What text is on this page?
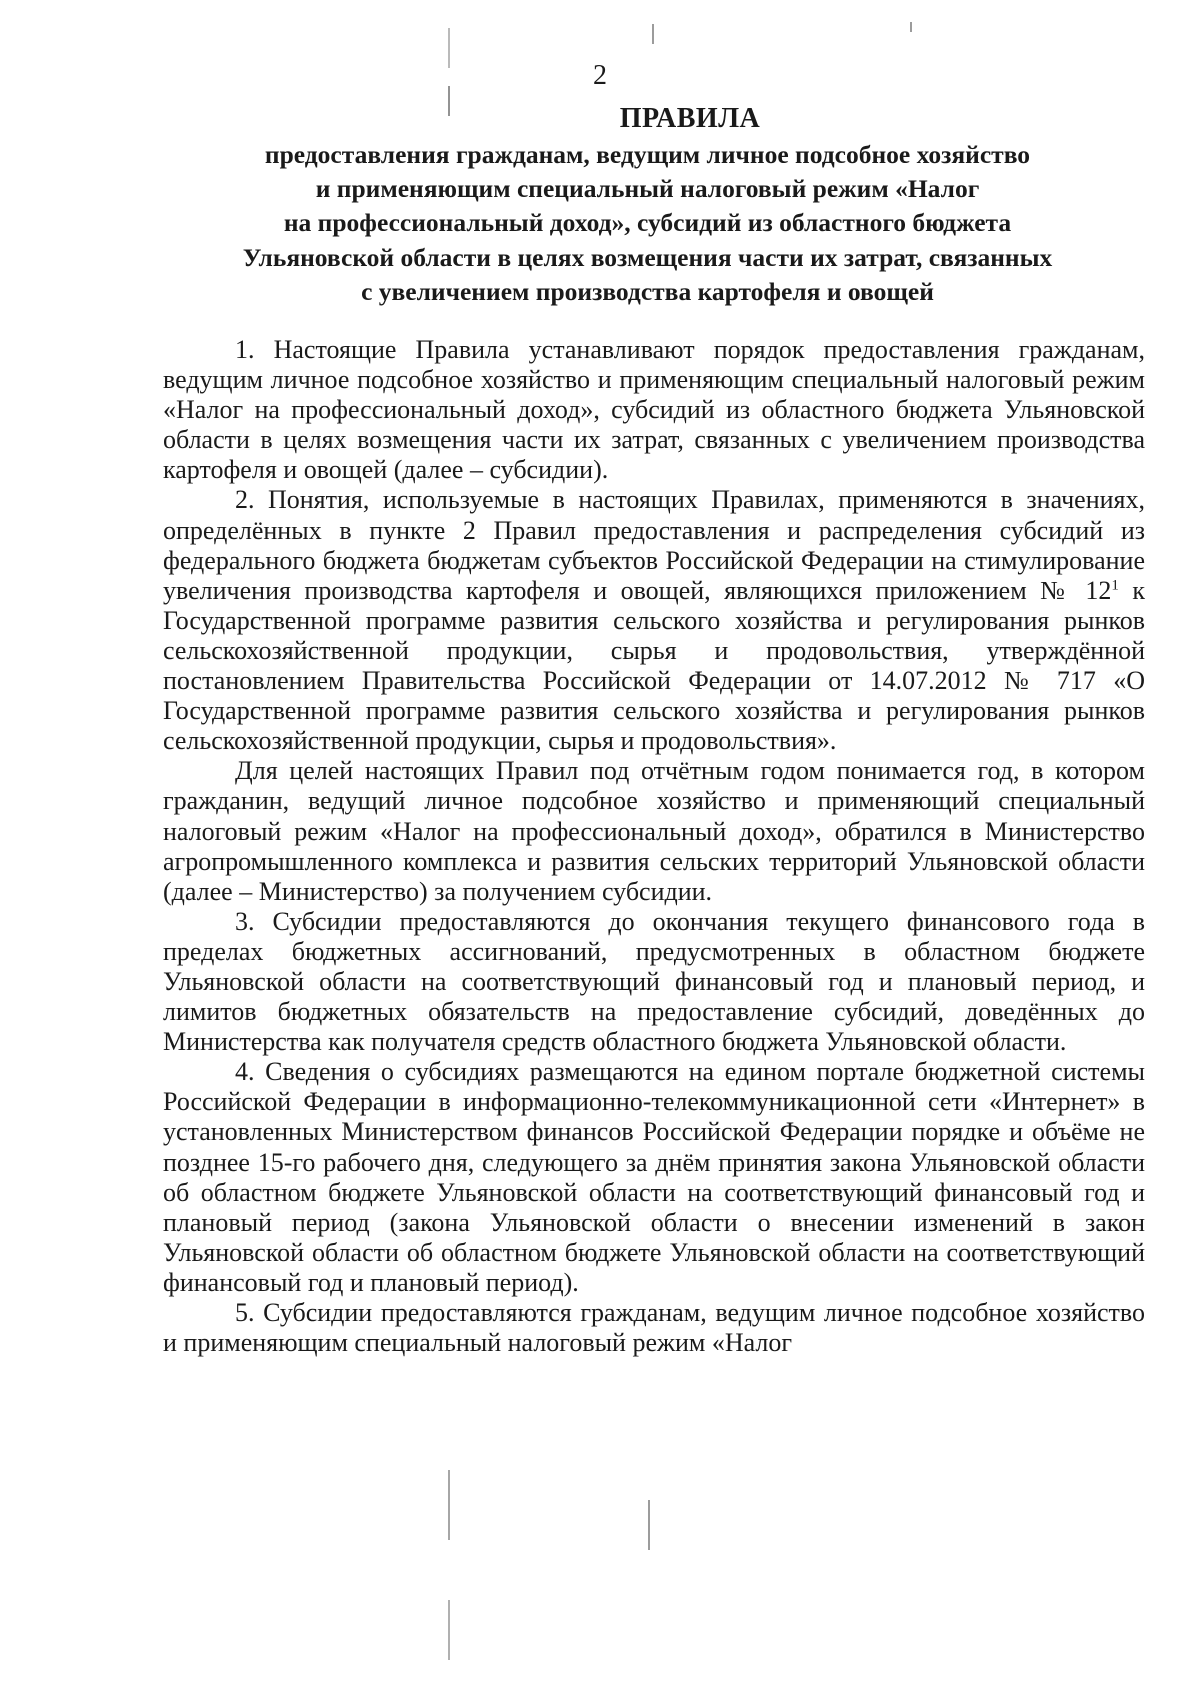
2
ПРАВИЛА
предоставления гражданам, ведущим личное подсобное хозяйство
и применяющим специальный налоговый режим «Налог
на профессиональный доход», субсидий из областного бюджета
Ульяновской области в целях возмещения части их затрат, связанных
с увеличением производства картофеля и овощей

1. Настоящие Правила устанавливают порядок предоставления гражданам, ведущим личное подсобное хозяйство и применяющим специальный налоговый режим «Налог на профессиональный доход», субсидий из областного бюджета Ульяновской области в целях возмещения части их затрат, связанных с увеличением производства картофеля и овощей (далее – субсидии).

2. Понятия, используемые в настоящих Правилах, применяются в значениях, определённых в пункте 2 Правил предоставления и распределения субсидий из федерального бюджета бюджетам субъектов Российской Федерации на стимулирование увеличения производства картофеля и овощей, являющихся приложением № $12^1$ к Государственной программе развития сельского хозяйства и регулирования рынков сельскохозяйственной продукции, сырья и продовольствия, утверждённой постановлением Правительства Российской Федерации от 14.07.2012 № 717 «О Государственной программе развития сельского хозяйства и регулирования рынков сельскохозяйственной продукции, сырья и продовольствия».

Для целей настоящих Правил под отчётным годом понимается год, в котором гражданин, ведущий личное подсобное хозяйство и применяющий специальный налоговый режим «Налог на профессиональный доход», обратился в Министерство агропромышленного комплекса и развития сельских территорий Ульяновской области (далее – Министерство) за получением субсидии.

3. Субсидии предоставляются до окончания текущего финансового года в пределах бюджетных ассигнований, предусмотренных в областном бюджете Ульяновской области на соответствующий финансовый год и плановый период, и лимитов бюджетных обязательств на предоставление субсидий, доведённых до Министерства как получателя средств областного бюджета Ульяновской области.

4. Сведения о субсидиях размещаются на едином портале бюджетной системы Российской Федерации в информационно-телекоммуникационной сети «Интернет» в установленных Министерством финансов Российской Федерации порядке и объёме не позднее 15-го рабочего дня, следующего за днём принятия закона Ульяновской области об областном бюджете Ульяновской области на соответствующий финансовый год и плановый период (закона Ульяновской области о внесении изменений в закон Ульяновской области об областном бюджете Ульяновской области на соответствующий финансовый год и плановый период).

5. Субсидии предоставляются гражданам, ведущим личное подсобное хозяйство и применяющим специальный налоговый режим «Налог
